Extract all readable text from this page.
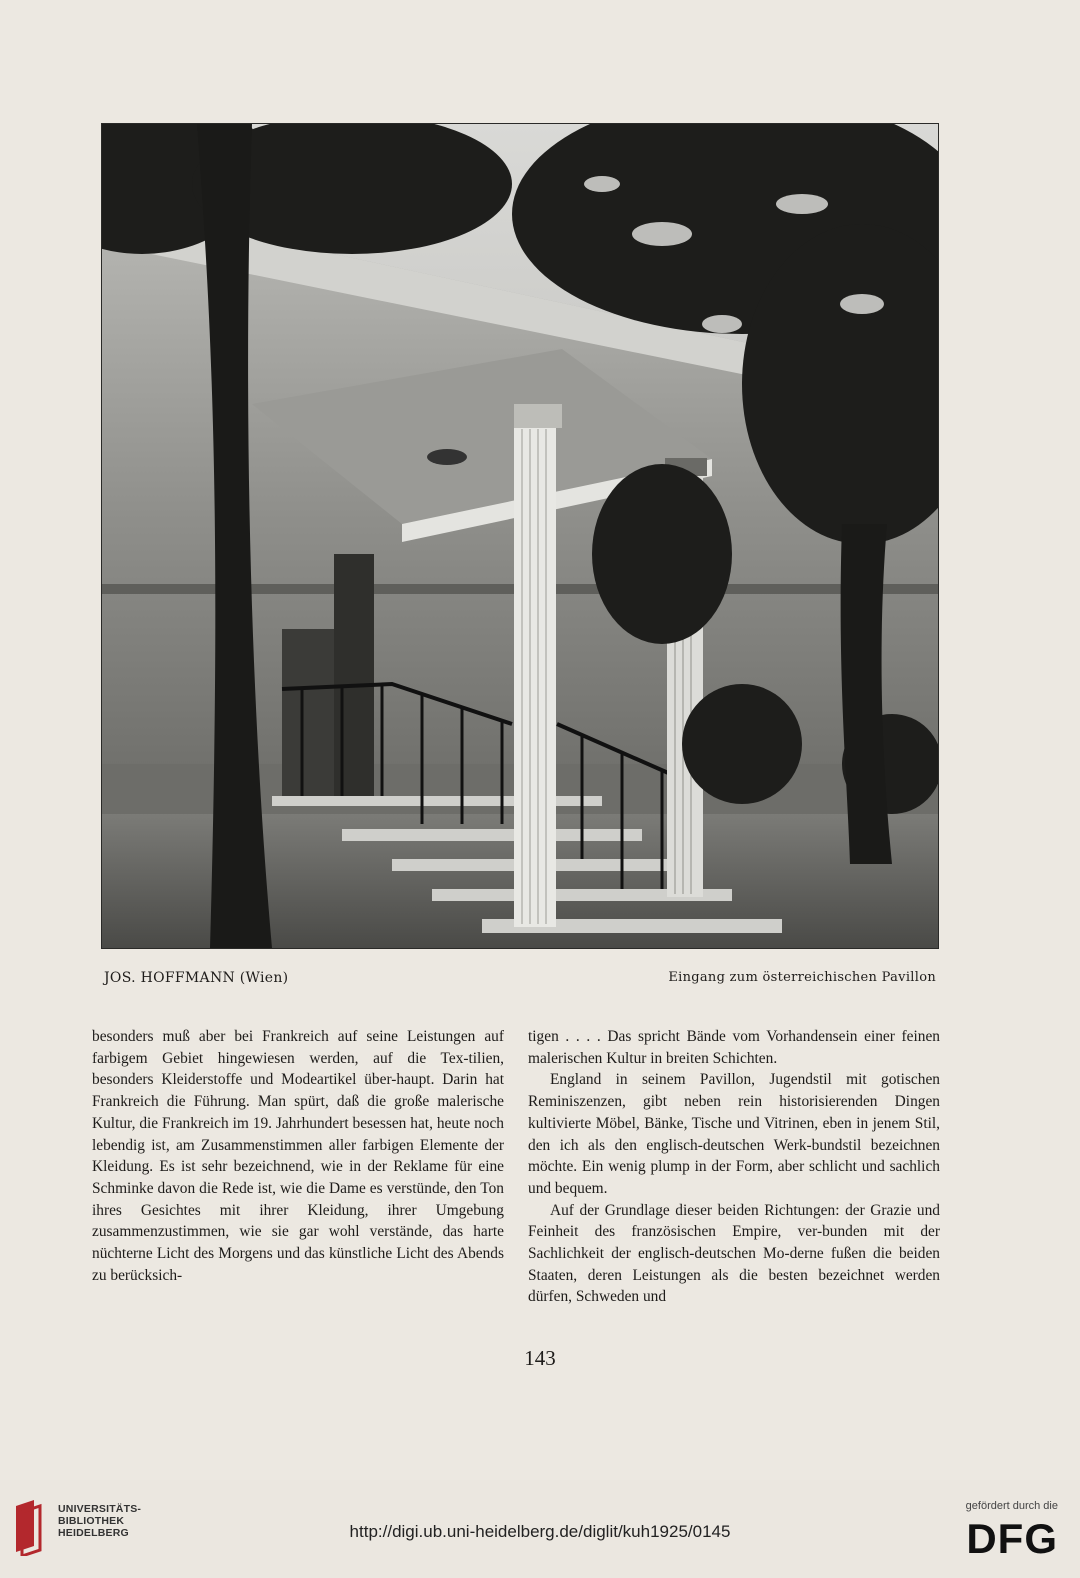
JOS. HOFFMANN (Wien)	Eingang zum österreichischen Pavillon

besonders muß aber bei Frankreich auf seine Leistungen auf farbigem Gebiet hingewiesen werden, auf die Tex-tilien, besonders Kleiderstoffe und Modeartikel über-haupt. Darin hat Frankreich die Führung. Man spürt, daß die große malerische Kultur, die Frankreich im 19. Jahrhundert besessen hat, heute noch lebendig ist, am Zusammenstimmen aller farbigen Elemente der Kleidung. Es ist sehr bezeichnend, wie in der Reklame für eine Schminke davon die Rede ist, wie die Dame es verstünde, den Ton ihres Gesichtes mit ihrer Kleidung, ihrer Umgebung zusammenzustimmen, wie sie gar wohl verstände, das harte nüchterne Licht des Morgens und das künstliche Licht des Abends zu berücksich-

tigen . . . . Das spricht Bände vom Vorhandensein einer feinen malerischen Kultur in breiten Schichten.

England in seinem Pavillon, Jugendstil mit gotischen Reminiszenzen, gibt neben rein historisierenden Dingen kultivierte Möbel, Bänke, Tische und Vitrinen, eben in jenem Stil, den ich als den englisch-deutschen Werk-bundstil bezeichnen möchte. Ein wenig plump in der Form, aber schlicht und sachlich und bequem.

Auf der Grundlage dieser beiden Richtungen: der Grazie und Feinheit des französischen Empire, ver-bunden mit der Sachlichkeit der englisch-deutschen Mo-derne fußen die beiden Staaten, deren Leistungen als die besten bezeichnet werden dürfen, Schweden und

143
UNIVERSITÄTS-
BIBLIOTHEK
HEIDELBERG	http://digi.ub.uni-heidelberg.de/diglit/kuh1925/0145
gefördert durch die
DFG
